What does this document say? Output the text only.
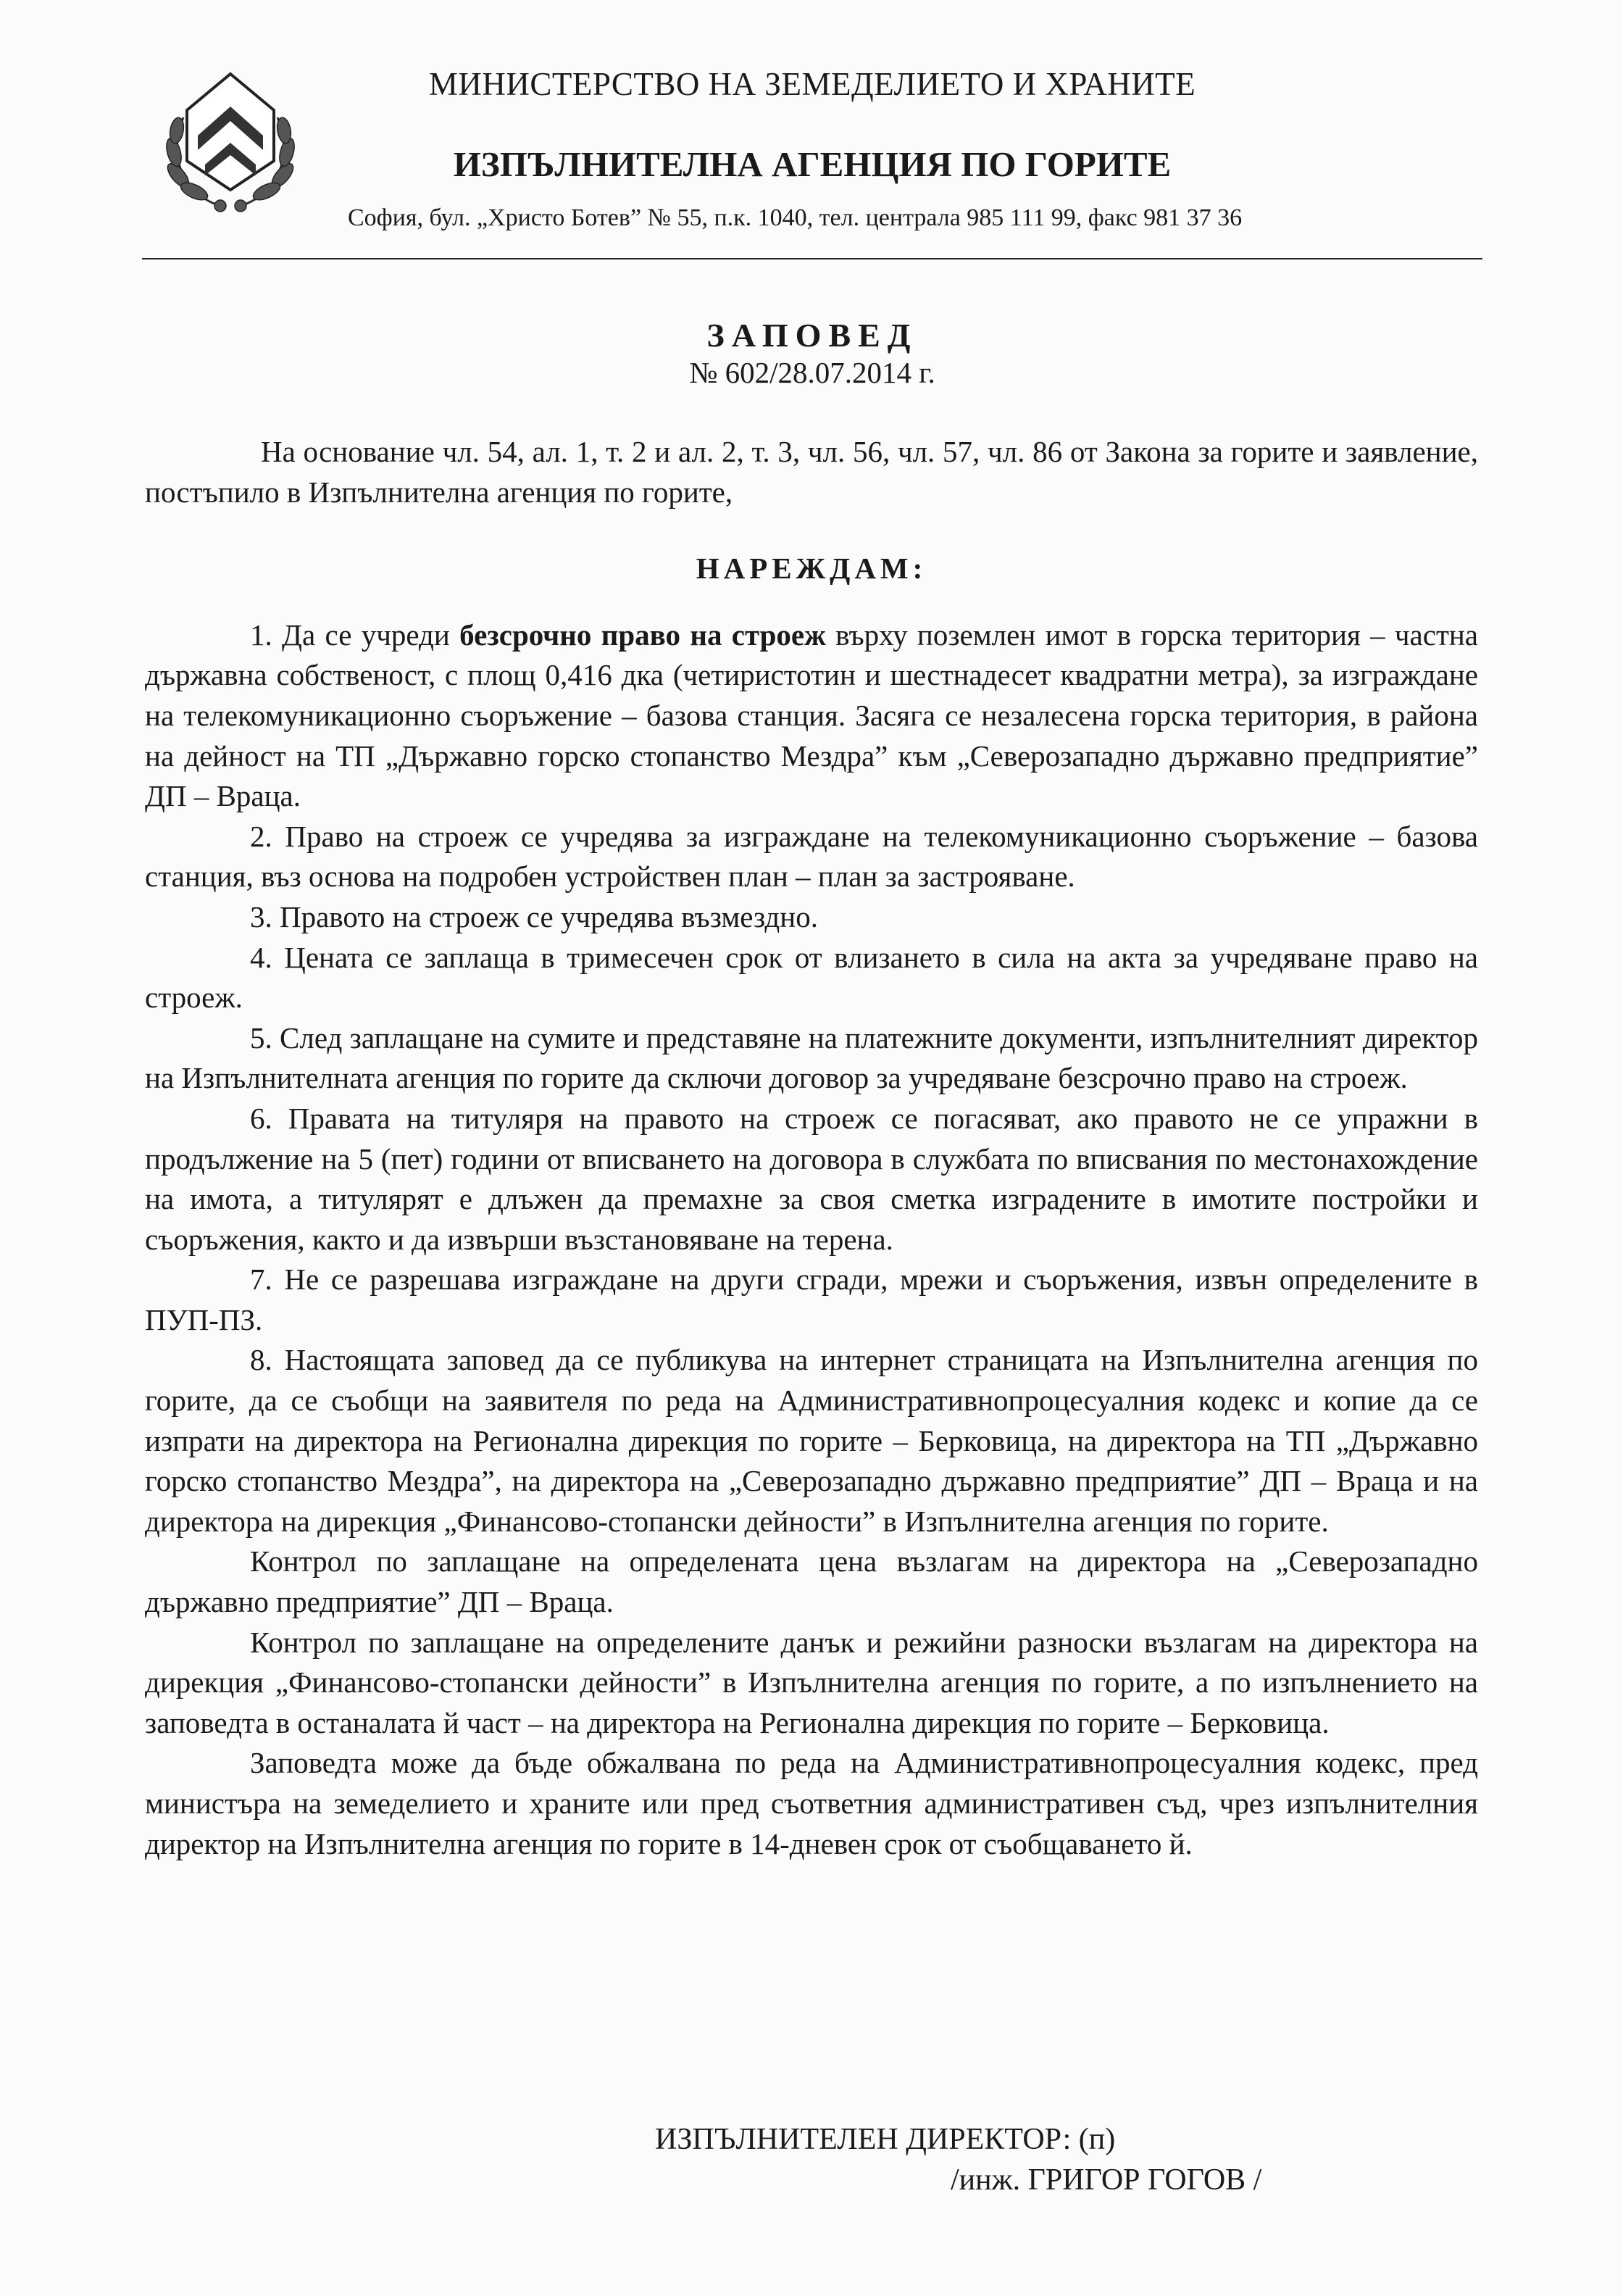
МИНИСТЕРСТВО НА ЗЕМЕДЕЛИЕТО И ХРАНИТЕ
ИЗПЪЛНИТЕЛНА АГЕНЦИЯ ПО ГОРИТЕ
София, бул. „Христо Ботев” № 55, п.к. 1040, тел. централа 985 111 99, факс 981 37 36
ЗАПОВЕД
№ 602/28.07.2014 г.

На основание чл. 54, ал. 1, т. 2 и ал. 2, т. 3, чл. 56, чл. 57, чл. 86 от Закона за горите и заявление, постъпило в Изпълнителна агенция по горите,

НАРЕЖДАМ:

1. Да се учреди безсрочно право на строеж върху поземлен имот в горска територия – частна държавна собственост, с площ 0,416 дка (четиристотин и шестнадесет квадратни метра), за изграждане на телекомуникационно съоръжение – базова станция. Засяга се незалесена горска територия, в района на дейност на ТП „Държавно горско стопанство Мездра” към „Северозападно държавно предприятие” ДП – Враца.

2. Право на строеж се учредява за изграждане на телекомуникационно съоръжение – базова станция, въз основа на подробен устройствен план – план за застрояване.

3. Правото на строеж се учредява възмездно.

4. Цената се заплаща в тримесечен срок от влизането в сила на акта за учредяване право на строеж.

5. След заплащане на сумите и представяне на платежните документи, изпълнителният директор на Изпълнителната агенция по горите да сключи договор за учредяване безсрочно право на строеж.

6. Правата на титуляря на правото на строеж се погасяват, ако правото не се упражни в продължение на 5 (пет) години от вписването на договора в службата по вписвания по местонахождение на имота, а титулярят е длъжен да премахне за своя сметка изградените в имотите постройки и съоръжения, както и да извърши възстановяване на терена.

7. Не се разрешава изграждане на други сгради, мрежи и съоръжения, извън определените в ПУП-ПЗ.

8. Настоящата заповед да се публикува на интернет страницата на Изпълнителна агенция по горите, да се съобщи на заявителя по реда на Административнопроцесуалния кодекс и копие да се изпрати на директора на Регионална дирекция по горите – Берковица, на директора на ТП „Държавно горско стопанство Мездра”, на директора на „Северозападно държавно предприятие” ДП – Враца и на директора на дирекция „Финансово-стопански дейности” в Изпълнителна агенция по горите.

Контрол по заплащане на определената цена възлагам на директора на „Северозападно държавно предприятие” ДП – Враца.

Контрол по заплащане на определените данък и режийни разноски възлагам на директора на дирекция „Финансово-стопански дейности” в Изпълнителна агенция по горите, а по изпълнението на заповедта в останалата й част – на директора на Регионална дирекция по горите – Берковица.

Заповедта може да бъде обжалвана по реда на Административнопроцесуалния кодекс, пред министъра на земеделието и храните или пред съответния административен съд, чрез изпълнителния директор на Изпълнителна агенция по горите в 14-дневен срок от съобщаването й.

ИЗПЪЛНИТЕЛЕН ДИРЕКТОР: (п)
/инж. ГРИГОР ГОГОВ /
